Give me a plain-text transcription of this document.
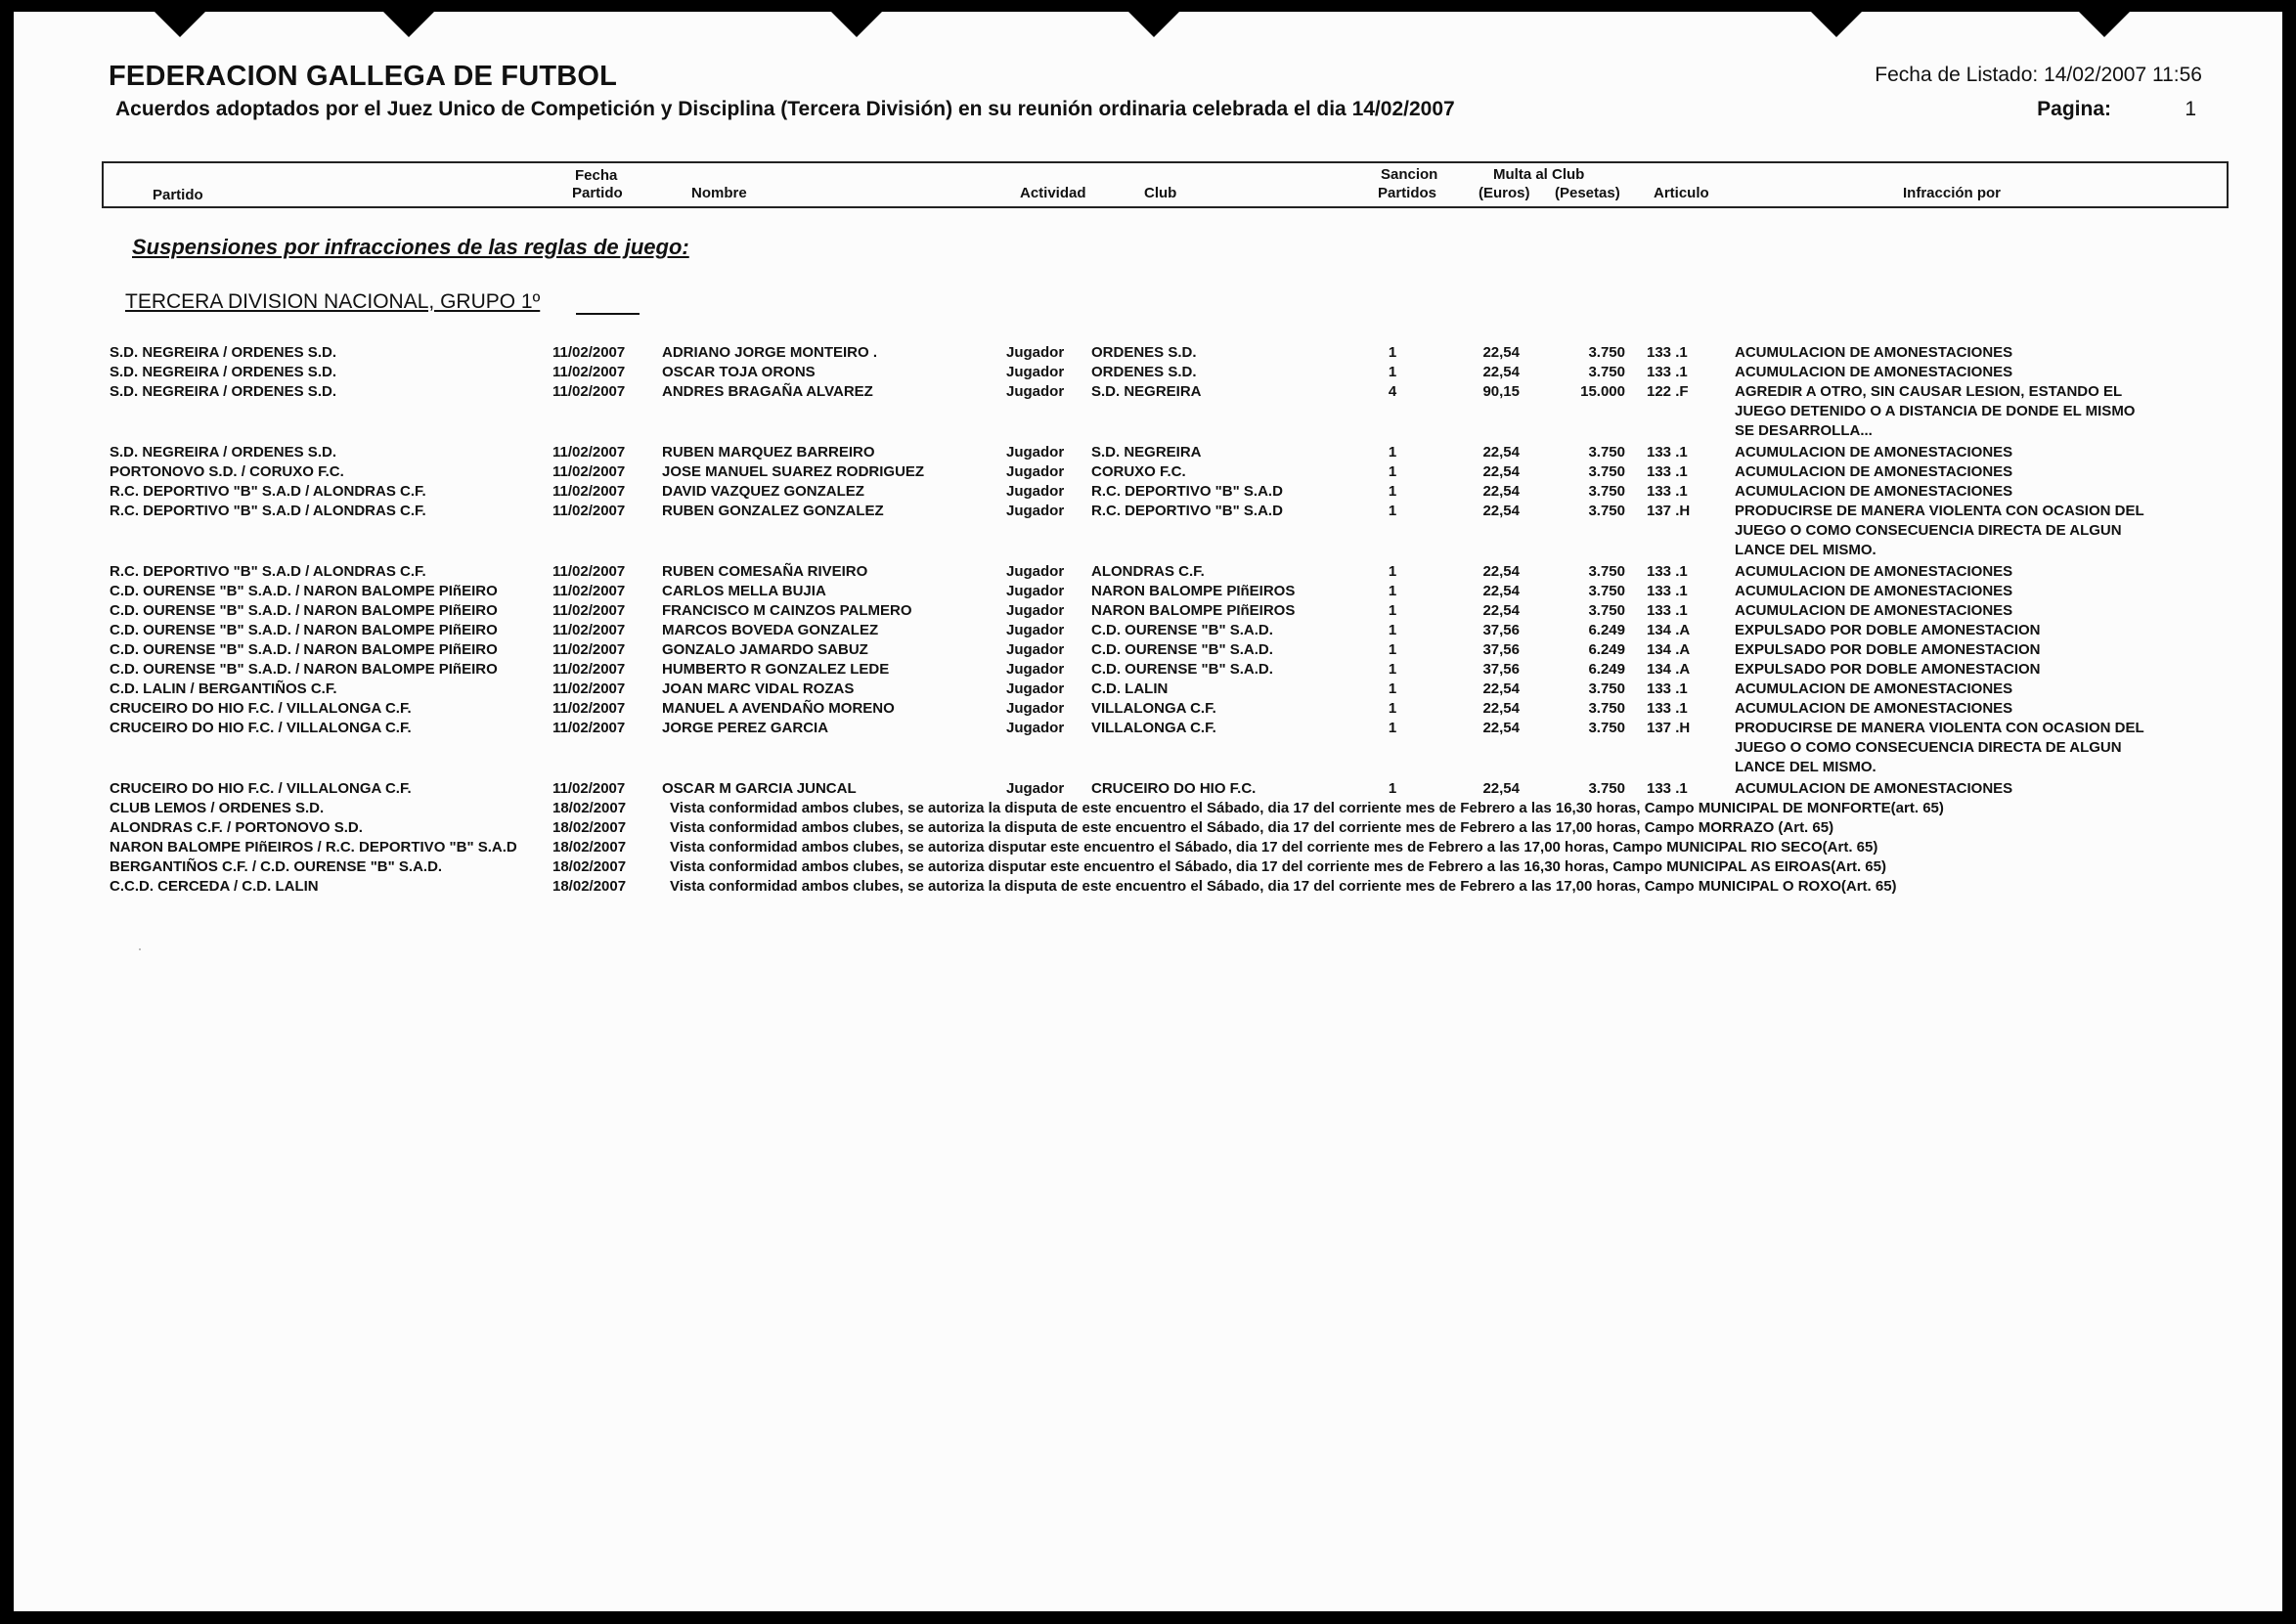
FEDERACION GALLEGA DE FUTBOL
Acuerdos adoptados por el Juez Unico de Competición y Disciplina (Tercera División) en su reunión ordinaria celebrada el dia 14/02/2007
Fecha de Listado: 14/02/2007 11:56
Pagina:	1
Partido
Fecha
Partido	Nombre	Actividad	Club
Sancion
Partidos
Multa al Club
(Euros) (Pesetas) Articulo	Infracción por
Suspensiones por infracciones de las reglas de juego:
TERCERA DIVISION NACIONAL, GRUPO 1º
S.D. NEGREIRA / ORDENES S.D.	11/02/2007	ADRIANO JORGE MONTEIRO .	Jugador ORDENES S.D.	1	22,54	3.750 133 .1	ACUMULACION DE AMONESTACIONES
S.D. NEGREIRA / ORDENES S.D.	11/02/2007	OSCAR TOJA ORONS	Jugador ORDENES S.D.	1	22,54	3.750 133 .1	ACUMULACION DE AMONESTACIONES
S.D. NEGREIRA / ORDENES S.D.	11/02/2007	ANDRES BRAGAÑA ALVAREZ	Jugador S.D. NEGREIRA	4	90,15	15.000 122 .F	AGREDIR A OTRO, SIN CAUSAR LESION, ESTANDO EL
JUEGO DETENIDO O A DISTANCIA DE DONDE EL MISMO
SE DESARROLLA...
S.D. NEGREIRA / ORDENES S.D.	11/02/2007	RUBEN MARQUEZ BARREIRO	Jugador S.D. NEGREIRA	1	22,54	3.750 133 .1	ACUMULACION DE AMONESTACIONES
PORTONOVO S.D. / CORUXO F.C.	11/02/2007	JOSE MANUEL SUAREZ RODRIGUEZ	Jugador CORUXO F.C.	1	22,54	3.750 133 .1	ACUMULACION DE AMONESTACIONES
R.C. DEPORTIVO "B" S.A.D / ALONDRAS C.F.	11/02/2007	DAVID VAZQUEZ GONZALEZ	Jugador R.C. DEPORTIVO "B" S.A.D	1	22,54	3.750 133 .1	ACUMULACION DE AMONESTACIONES
R.C. DEPORTIVO "B" S.A.D / ALONDRAS C.F.	11/02/2007	RUBEN GONZALEZ GONZALEZ	Jugador R.C. DEPORTIVO "B" S.A.D	1	22,54	3.750 137 .H	PRODUCIRSE DE MANERA VIOLENTA CON OCASION DEL
JUEGO O COMO CONSECUENCIA DIRECTA DE ALGUN
LANCE DEL MISMO.
R.C. DEPORTIVO "B" S.A.D / ALONDRAS C.F.	11/02/2007	RUBEN COMESAÑA RIVEIRO	Jugador ALONDRAS C.F.	1	22,54	3.750 133 .1	ACUMULACION DE AMONESTACIONES
C.D. OURENSE "B" S.A.D. / NARON BALOMPE PIñEIRO	11/02/2007	CARLOS MELLA BUJIA	Jugador NARON BALOMPE PIñEIROS	1	22,54	3.750 133 .1	ACUMULACION DE AMONESTACIONES
C.D. OURENSE "B" S.A.D. / NARON BALOMPE PIñEIRO	11/02/2007	FRANCISCO M CAINZOS PALMERO	Jugador NARON BALOMPE PIñEIROS	1	22,54	3.750 133 .1	ACUMULACION DE AMONESTACIONES
C.D. OURENSE "B" S.A.D. / NARON BALOMPE PIñEIRO	11/02/2007	MARCOS BOVEDA GONZALEZ	Jugador C.D. OURENSE "B" S.A.D.	1	37,56	6.249 134 .A	EXPULSADO POR DOBLE AMONESTACION
C.D. OURENSE "B" S.A.D. / NARON BALOMPE PIñEIRO	11/02/2007	GONZALO JAMARDO SABUZ	Jugador C.D. OURENSE "B" S.A.D.	1	37,56	6.249 134 .A	EXPULSADO POR DOBLE AMONESTACION
C.D. OURENSE "B" S.A.D. / NARON BALOMPE PIñEIRO	11/02/2007	HUMBERTO R GONZALEZ LEDE	Jugador C.D. OURENSE "B" S.A.D.	1	37,56	6.249 134 .A	EXPULSADO POR DOBLE AMONESTACION
C.D. LALIN / BERGANTIÑOS C.F.	11/02/2007	JOAN MARC VIDAL ROZAS	Jugador C.D. LALIN	1	22,54	3.750 133 .1	ACUMULACION DE AMONESTACIONES
CRUCEIRO DO HIO F.C. / VILLALONGA C.F.	11/02/2007	MANUEL A AVENDAÑO MORENO	Jugador VILLALONGA C.F.	1	22,54	3.750 133 .1	ACUMULACION DE AMONESTACIONES
CRUCEIRO DO HIO F.C. / VILLALONGA C.F.	11/02/2007	JORGE PEREZ GARCIA	Jugador VILLALONGA C.F.	1	22,54	3.750 137 .H	PRODUCIRSE DE MANERA VIOLENTA CON OCASION DEL
JUEGO O COMO CONSECUENCIA DIRECTA DE ALGUN
LANCE DEL MISMO.
CRUCEIRO DO HIO F.C. / VILLALONGA C.F.	11/02/2007	OSCAR M GARCIA JUNCAL	Jugador CRUCEIRO DO HIO F.C.	1	22,54	3.750 133 .1	ACUMULACION DE AMONESTACIONES
CLUB LEMOS / ORDENES S.D.	18/02/2007	Vista conformidad ambos clubes, se autoriza la disputa de este encuentro el Sábado, dia 17 del corriente mes de Febrero a las 16,30 horas, Campo MUNICIPAL DE MONFORTE(art. 65)
ALONDRAS C.F. / PORTONOVO S.D.	18/02/2007	Vista conformidad ambos clubes, se autoriza la disputa de este encuentro el Sábado, dia 17 del corriente mes de Febrero a las 17,00 horas, Campo MORRAZO (Art. 65)
NARON BALOMPE PIñEIROS / R.C. DEPORTIVO "B" S.A.D 18/02/2007	Vista conformidad ambos clubes, se autoriza disputar este encuentro el Sábado, dia 17 del corriente mes de Febrero a las 17,00 horas, Campo MUNICIPAL RIO SECO(Art. 65)
BERGANTIÑOS C.F. / C.D. OURENSE "B" S.A.D.	18/02/2007	Vista conformidad ambos clubes, se autoriza disputar este encuentro el Sábado, dia 17 del corriente mes de Febrero a las 16,30 horas, Campo MUNICIPAL AS EIROAS(Art. 65)
C.C.D. CERCEDA / C.D. LALIN	18/02/2007	Vista conformidad ambos clubes, se autoriza la disputa de este encuentro el Sábado, dia 17 del corriente mes de Febrero a las 17,00 horas, Campo MUNICIPAL O ROXO(Art. 65)
